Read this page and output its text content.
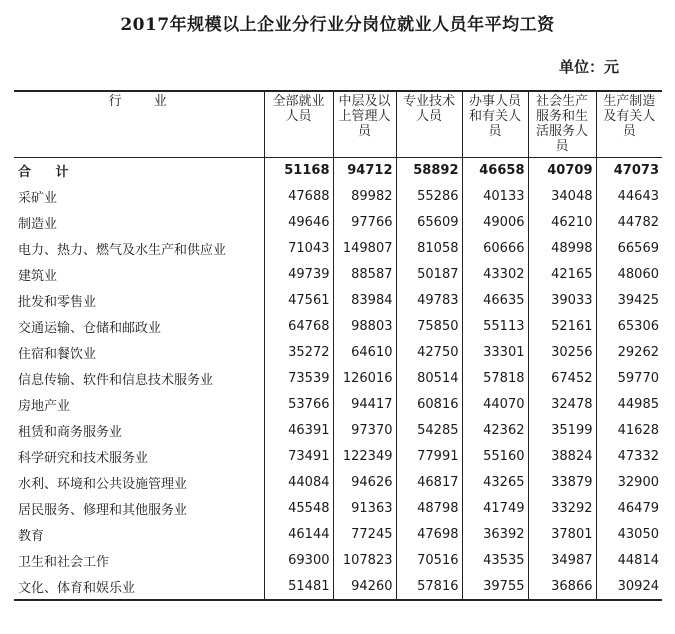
2017年规模以上企业分行业分岗位就业人员年平均工资
单位：元
行 业	全部就业人员	中层及以上管理人员	专业技术人员	办事人员和有关人员	社会生产服务和生活服务人员	生产制造及有关人员
合 计	51168	94712	58892	46658	40709	47073
采矿业	47688	89982	55286	40133	34048	44643
制造业	49646	97766	65609	49006	46210	44782
电力、热力、燃气及水生产和供应业	71043	149807	81058	60666	48998	66569
建筑业	49739	88587	50187	43302	42165	48060
批发和零售业	47561	83984	49783	46635	39033	39425
交通运输、仓储和邮政业	64768	98803	75850	55113	52161	65306
住宿和餐饮业	35272	64610	42750	33301	30256	29262
信息传输、软件和信息技术服务业	73539	126016	80514	57818	67452	59770
房地产业	53766	94417	60816	44070	32478	44985
租赁和商务服务业	46391	97370	54285	42362	35199	41628
科学研究和技术服务业	73491	122349	77991	55160	38824	47332
水利、环境和公共设施管理业	44084	94626	46817	43265	33879	32900
居民服务、修理和其他服务业	45548	91363	48798	41749	33292	46479
教育	46144	77245	47698	36392	37801	43050
卫生和社会工作	69300	107823	70516	43535	34987	44814
文化、体育和娱乐业	51481	94260	57816	39755	36866	30924
